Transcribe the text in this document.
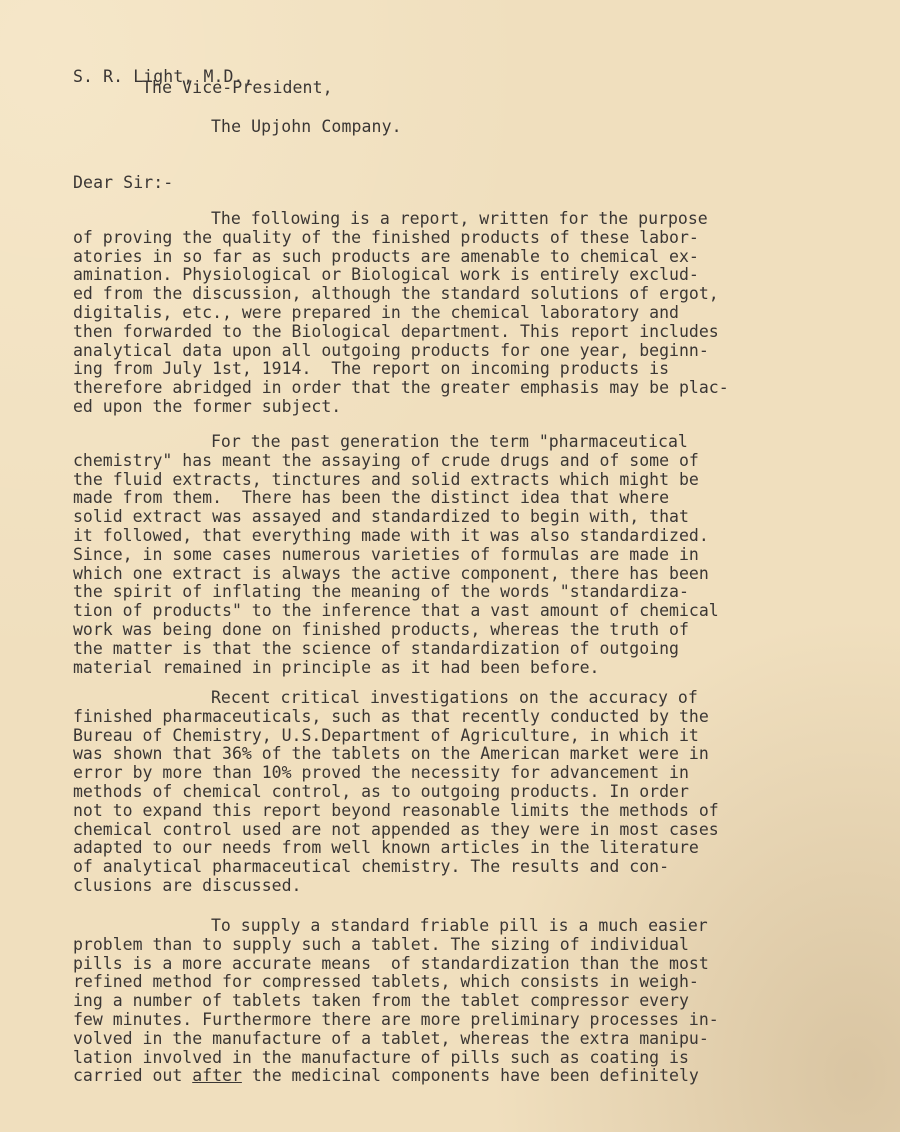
S. R. Light, M.D.,
The Vice-President,
The Upjohn Company.
Dear Sir:-
The following is a report, written for the purpose
of proving the quality of the finished products of these labor-
atories in so far as such products are amenable to chemical ex-
amination. Physiological or Biological work is entirely exclud-
ed from the discussion, although the standard solutions of ergot,
digitalis, etc., were prepared in the chemical laboratory and
then forwarded to the Biological department. This report includes
analytical data upon all outgoing products for one year, beginn-
ing from July 1st, 1914.  The report on incoming products is
therefore abridged in order that the greater emphasis may be plac-
ed upon the former subject.
For the past generation the term "pharmaceutical
chemistry" has meant the assaying of crude drugs and of some of
the fluid extracts, tinctures and solid extracts which might be
made from them.  There has been the distinct idea that where
solid extract was assayed and standardized to begin with, that
it followed, that everything made with it was also standardized.
Since, in some cases numerous varieties of formulas are made in
which one extract is always the active component, there has been
the spirit of inflating the meaning of the words "standardiza-
tion of products" to the inference that a vast amount of chemical
work was being done on finished products, whereas the truth of
the matter is that the science of standardization of outgoing
material remained in principle as it had been before.
Recent critical investigations on the accuracy of
finished pharmaceuticals, such as that recently conducted by the
Bureau of Chemistry, U.S.Department of Agriculture, in which it
was shown that 36% of the tablets on the American market were in
error by more than 10% proved the necessity for advancement in
methods of chemical control, as to outgoing products. In order
not to expand this report beyond reasonable limits the methods of
chemical control used are not appended as they were in most cases
adapted to our needs from well known articles in the literature
of analytical pharmaceutical chemistry. The results and con-
clusions are discussed.
To supply a standard friable pill is a much easier
problem than to supply such a tablet. The sizing of individual
pills is a more accurate means  of standardization than the most
refined method for compressed tablets, which consists in weigh-
ing a number of tablets taken from the tablet compressor every
few minutes. Furthermore there are more preliminary processes in-
volved in the manufacture of a tablet, whereas the extra manipu-
lation involved in the manufacture of pills such as coating is
carried out after the medicinal components have been definitely
